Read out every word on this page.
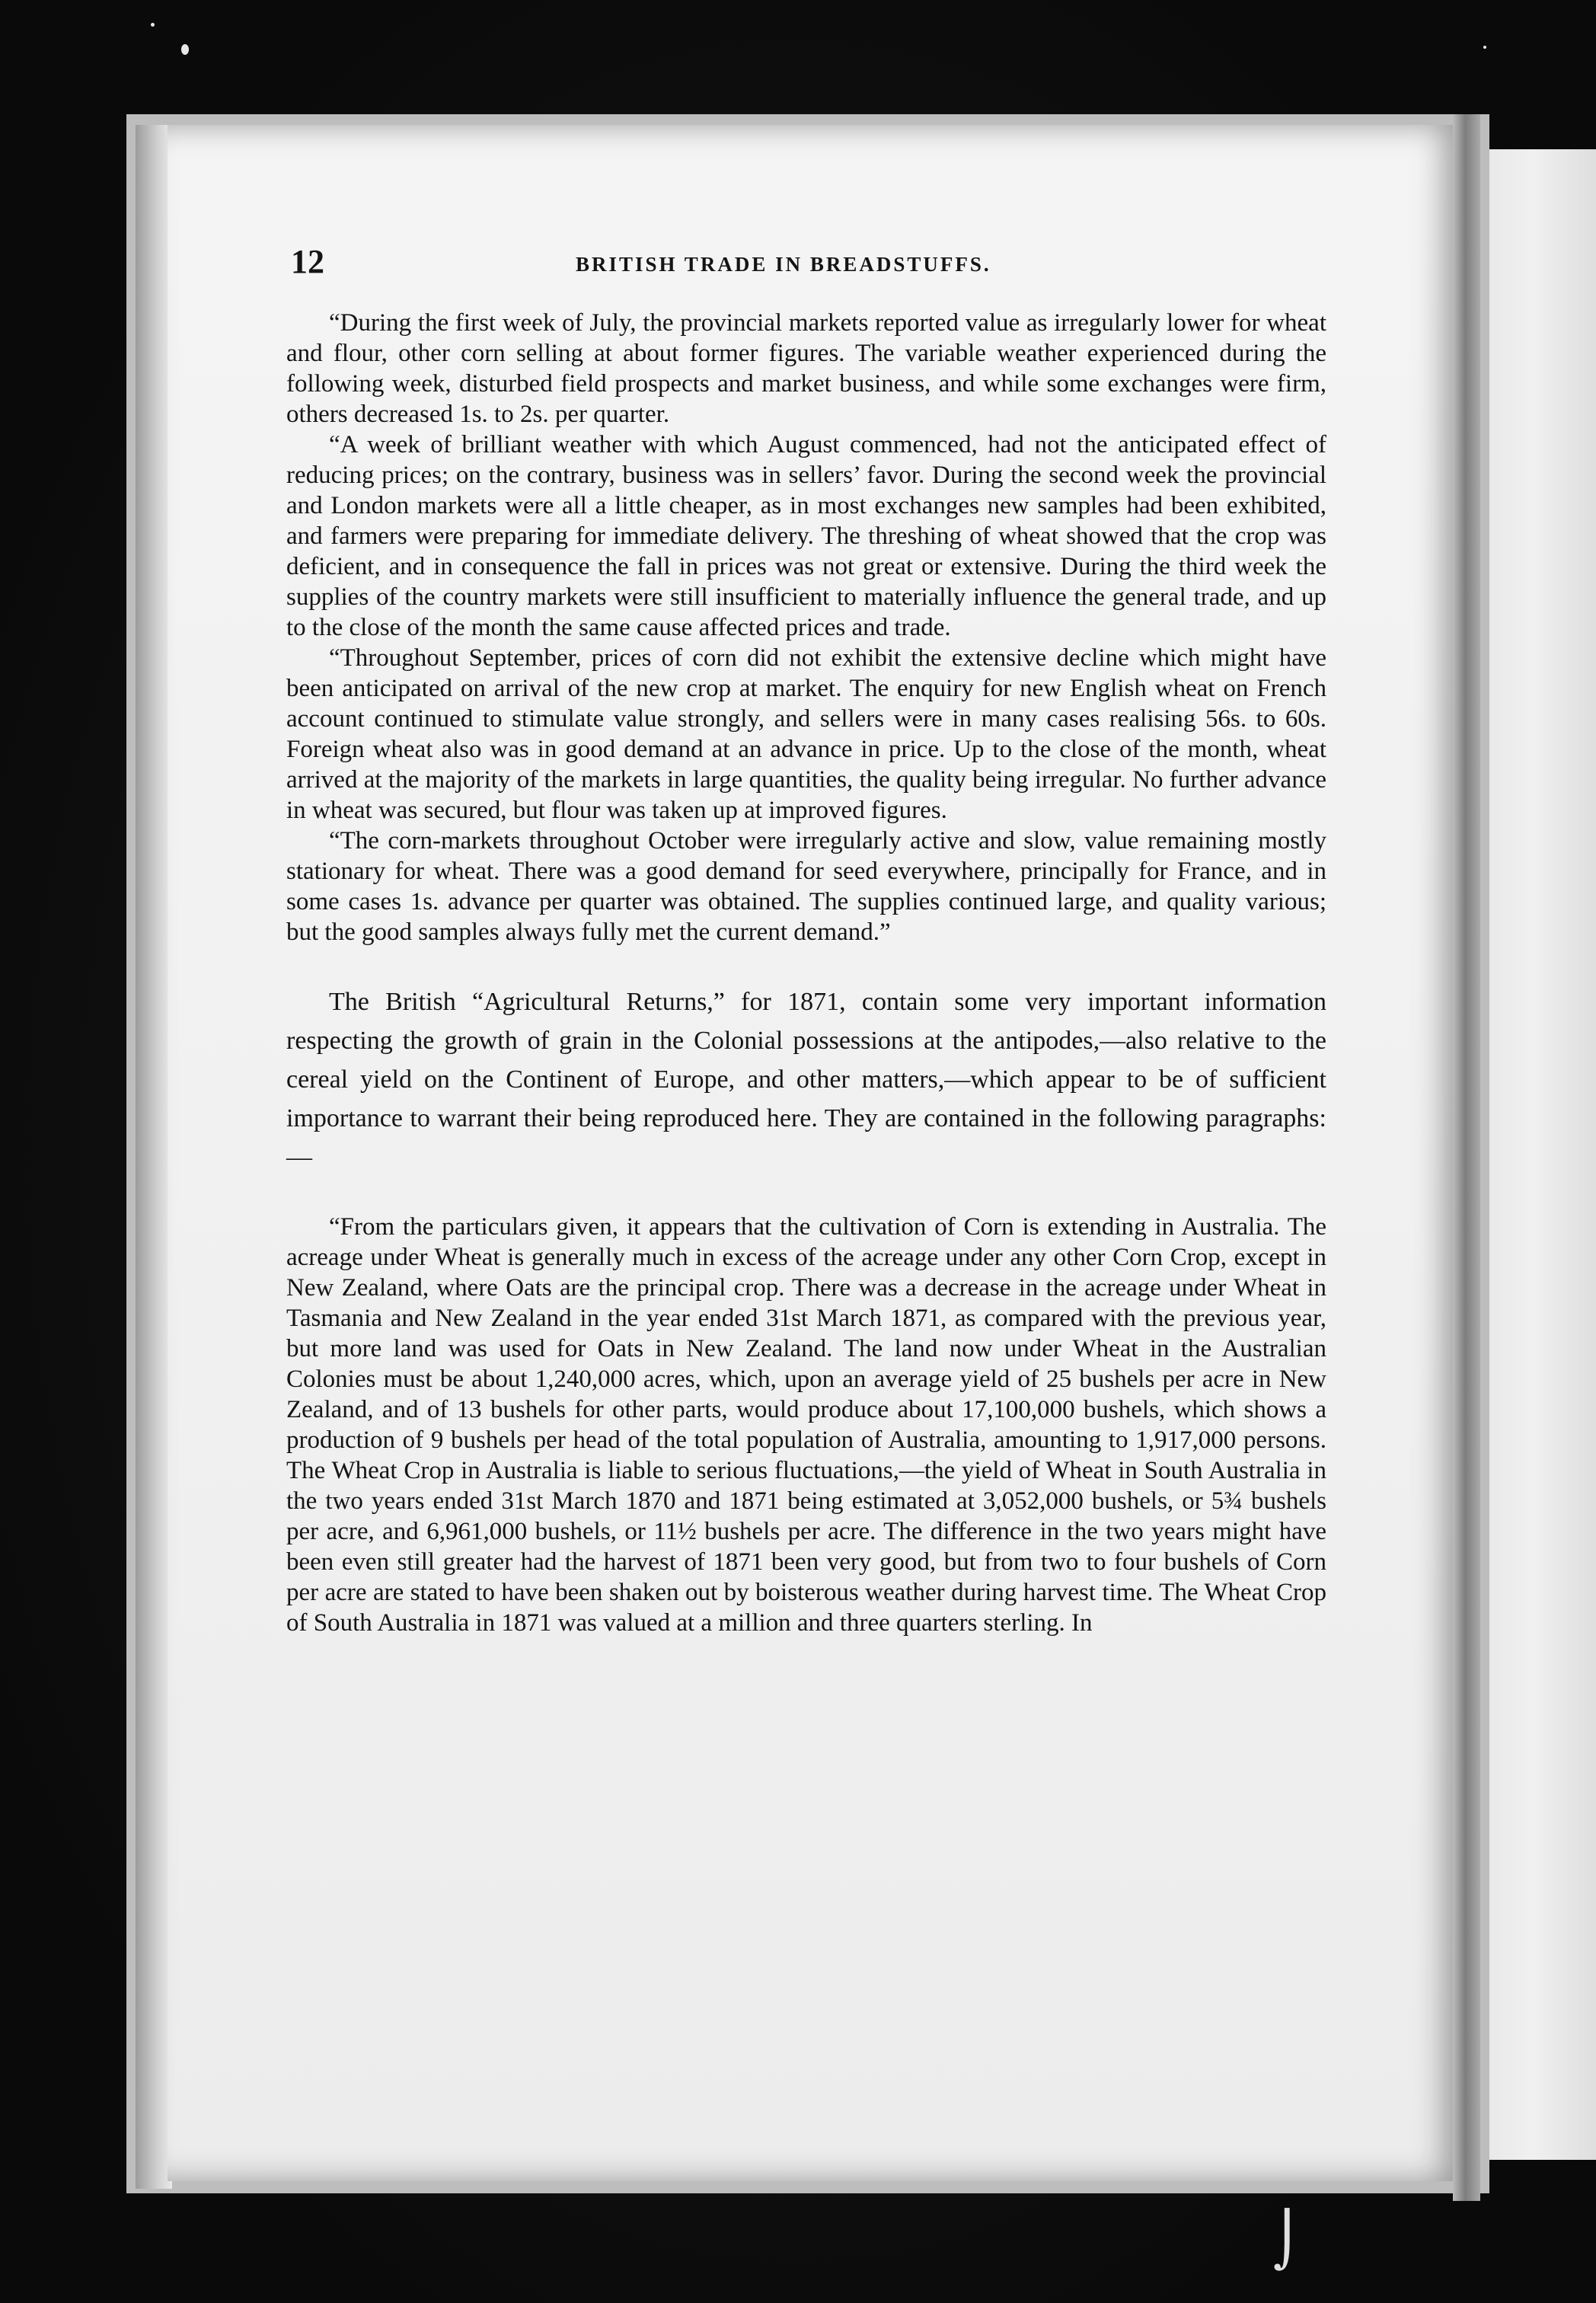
⌡
12	BRITISH TRADE IN BREADSTUFFS.

“During the first week of July, the provincial markets reported value as irregularly lower for wheat and flour, other corn selling at about former figures. The variable weather experienced during the following week, disturbed field prospects and market business, and while some exchanges were firm, others decreased 1s. to 2s. per quarter.

“A week of brilliant weather with which August commenced, had not the anticipated effect of reducing prices; on the contrary, business was in sellers’ favor. During the second week the provincial and London markets were all a little cheaper, as in most exchanges new samples had been exhibited, and farmers were preparing for immediate delivery. The threshing of wheat showed that the crop was deficient, and in consequence the fall in prices was not great or extensive. During the third week the supplies of the country markets were still insufficient to materially influence the general trade, and up to the close of the month the same cause affected prices and trade.

“Throughout September, prices of corn did not exhibit the extensive decline which might have been anticipated on arrival of the new crop at market. The enquiry for new English wheat on French account continued to stimulate value strongly, and sellers were in many cases realising 56s. to 60s. Foreign wheat also was in good demand at an advance in price. Up to the close of the month, wheat arrived at the majority of the markets in large quantities, the quality being irregular. No further advance in wheat was secured, but flour was taken up at improved figures.

“The corn-markets throughout October were irregularly active and slow, value remaining mostly stationary for wheat. There was a good demand for seed everywhere, principally for France, and in some cases 1s. advance per quarter was obtained. The supplies continued large, and quality various; but the good samples always fully met the current demand.”

The British “Agricultural Returns,” for 1871, contain some very important information respecting the growth of grain in the Colonial possessions at the antipodes,—also relative to the cereal yield on the Continent of Europe, and other matters,—which appear to be of sufficient importance to warrant their being reproduced here. They are contained in the following paragraphs:—

“From the particulars given, it appears that the cultivation of Corn is extending in Australia. The acreage under Wheat is generally much in excess of the acreage under any other Corn Crop, except in New Zealand, where Oats are the principal crop. There was a decrease in the acreage under Wheat in Tasmania and New Zealand in the year ended 31st March 1871, as compared with the previous year, but more land was used for Oats in New Zealand. The land now under Wheat in the Australian Colonies must be about 1,240,000 acres, which, upon an average yield of 25 bushels per acre in New Zealand, and of 13 bushels for other parts, would produce about 17,100,000 bushels, which shows a production of 9 bushels per head of the total population of Australia, amounting to 1,917,000 persons. The Wheat Crop in Australia is liable to serious fluctuations,—the yield of Wheat in South Australia in the two years ended 31st March 1870 and 1871 being estimated at 3,052,000 bushels, or 5¾ bushels per acre, and 6,961,000 bushels, or 11½ bushels per acre. The difference in the two years might have been even still greater had the harvest of 1871 been very good, but from two to four bushels of Corn per acre are stated to have been shaken out by boisterous weather during harvest time. The Wheat Crop of South Australia in 1871 was valued at a million and three quarters sterling. In
